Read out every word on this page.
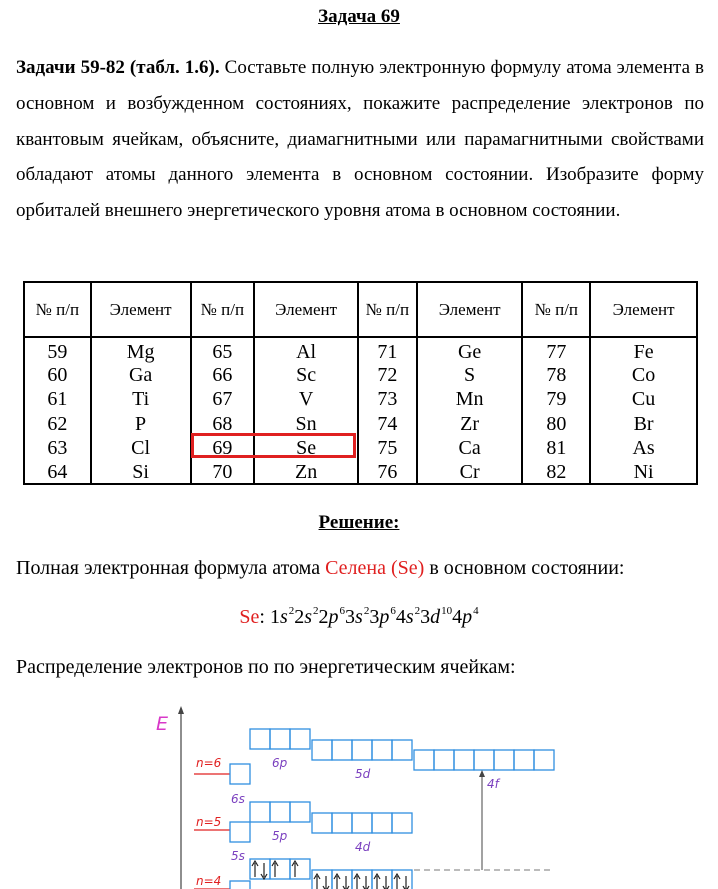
Задача 69
Задачи 59-82 (табл. 1.6). Составьте полную электронную формулу атома элемента в основном и возбужденном состояниях, покажите распределение электронов по квантовым ячейкам, объясните, диамагнитными или парамагнитными свойствами обладают атомы данного элемента в основном состоянии. Изобразите форму орбиталей внешнего энергетического уровня атома в основном состоянии.
№ п/п	Элемент	№ п/п	Элемент	№ п/п	Элемент	№ п/п	Элемент
59	Mg	65	Al	71	Ge	77	Fe
60	Ga	66	Sc	72	S	78	Co
61	Ti	67	V	73	Mn	79	Cu
62	P	68	Sn	74	Zr	80	Br
63	Cl	69	Se	75	Ca	81	As
64	Si	70	Zn	76	Cr	82	Ni
Решение:
Полная электронная формула атома Селена (Se) в основном состоянии:
Se: $1s^22s^22p^63s^23p^64s^23d^{10}4p^4$
Распределение электронов по по энергетическим ячейкам:
E
n=6
6s
6p
5d
4f
n=5
5s
5p
4d
n=4
